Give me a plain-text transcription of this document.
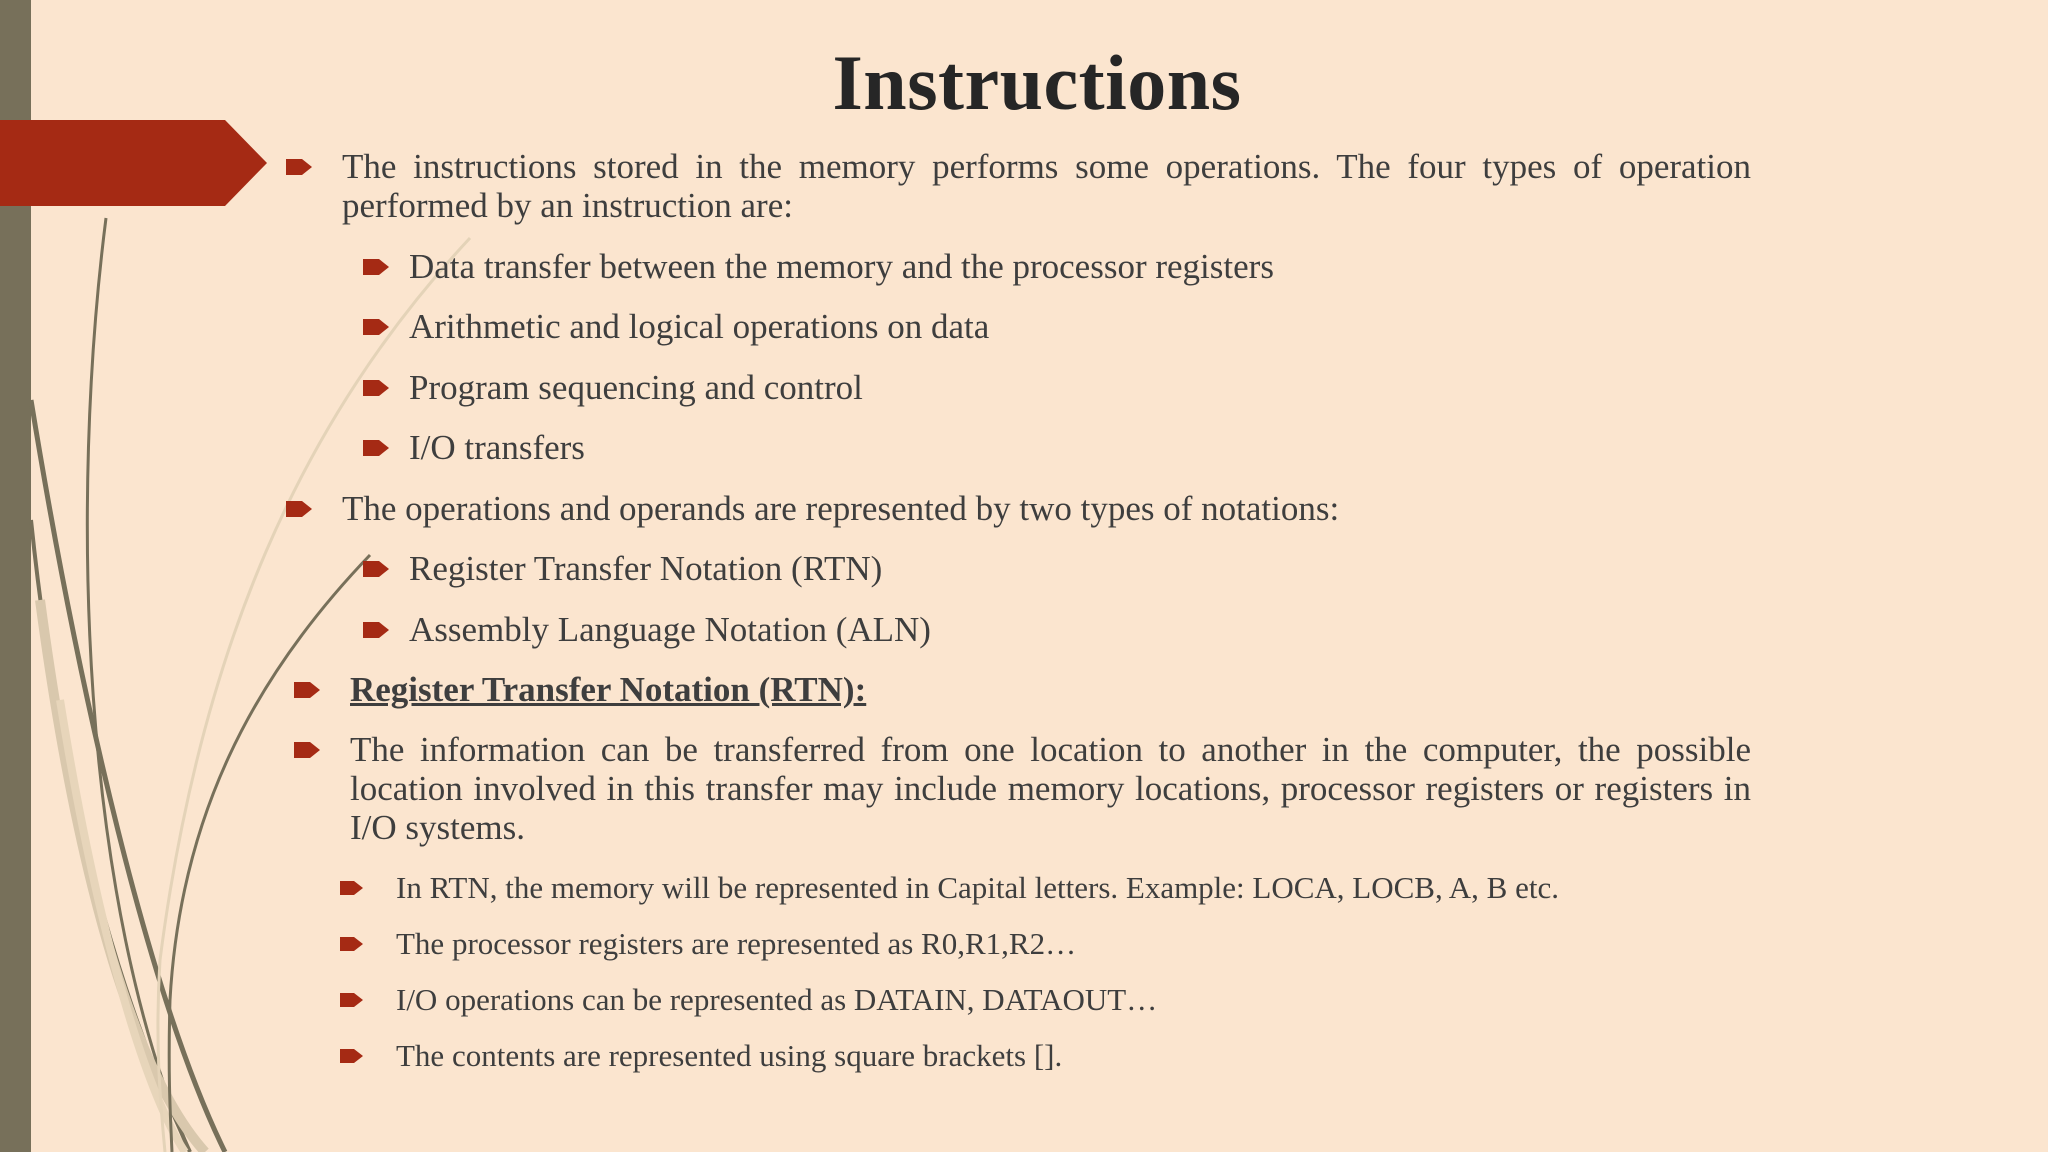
Instructions
The instructions stored in the memory performs some operations. The four types of operation performed by an instruction are:
Data transfer between the memory and the processor registers
Arithmetic and logical operations on data
Program sequencing and control
I/O transfers
The operations and operands are represented by two types of notations:
Register Transfer Notation (RTN)
Assembly Language Notation (ALN)
Register Transfer Notation (RTN):
The information can be transferred from one location to another in the computer, the possible location involved in this transfer may include memory locations, processor registers or registers in I/O systems.
In RTN, the memory will be represented in Capital letters. Example: LOCA, LOCB, A, B etc.
The processor registers are represented as R0,R1,R2…
I/O operations can be represented as DATAIN, DATAOUT…
The contents are represented using square brackets [].
